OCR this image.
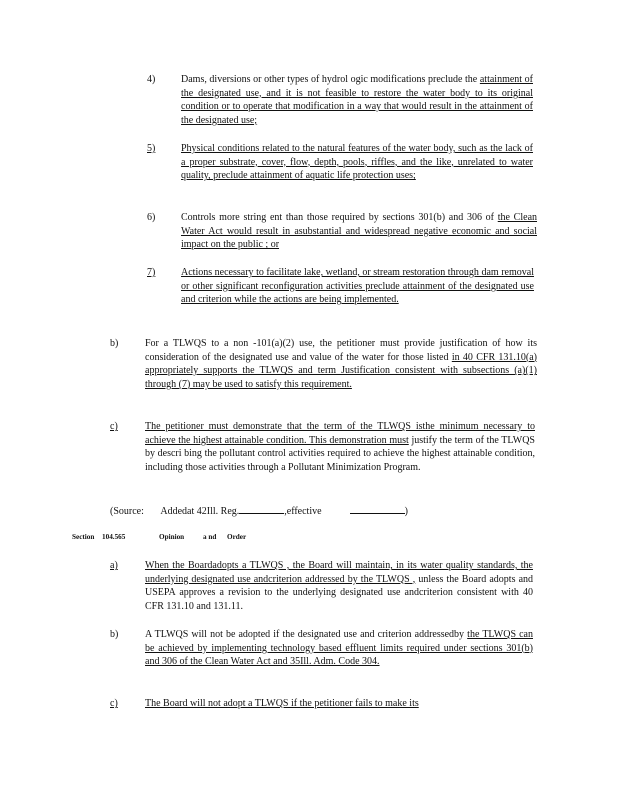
4)	Dams, diversions or other types of hydrol ogic modifications preclude the attainment of the designated use, and it is not feasible to restore the water body to its original condition or to operate that modification in a way that would result in the attainment of the designated use;
5)	Physical conditions related to the natural features of the water body, such as the lack of a proper substrate, cover, flow, depth, pools, riffles, and the like, unrelated to water quality, preclude attainment of aquatic life protection uses;
6)	Controls more string ent than those required by sections 301(b) and 306 of the Clean Water Act would result in asubstantial and widespread negative economic and social impact on the public ; or
7)	Actions necessary to facilitate lake, wetland, or stream restoration through dam removal or other significant reconfiguration activities preclude attainment of the designated use and criterion while the actions are being implemented.
b)	For a TLWQS to a non -101(a)(2) use, the petitioner must provide justification of how its consideration of the designated use and value of the water for those listed in 40 CFR 131.10(a) appropriately supports the TLWQS and term Justification consistent with subsections (a)(1) through (7) may be used to satisfy this requirement.
c)	The petitioner must demonstrate that the term of the TLWQS isthe minimum necessary to achieve the highest attainable condition. This demonstration must justify the term of the TLWQS by descri bing the pollutant control activities required to achieve the highest attainable condition, including those activities through a Pollutant Minimization Program.
(Source: Addedat 42Ill. Reg.	,effective	)
Section 104.565	Opinion	a nd Order
a)	When the Boardadopts a TLWQS , the Board will maintain, in its water quality standards, the underlying designated use andcriterion addressed by the TLWQS , unless the Board adopts and USEPA approves a revision to the underlying designated use andcriterion consistent with 40 CFR 131.10 and 131.11.
b)	A TLWQS will not be adopted if the designated use and criterion addressedby the TLWQS can be achieved by implementing technology based effluent limits required under sections 301(b) and 306 of the Clean Water Act and 35Ill. Adm. Code 304.
c)	The Board will not adopt a TLWQS if the petitioner fails to make its
